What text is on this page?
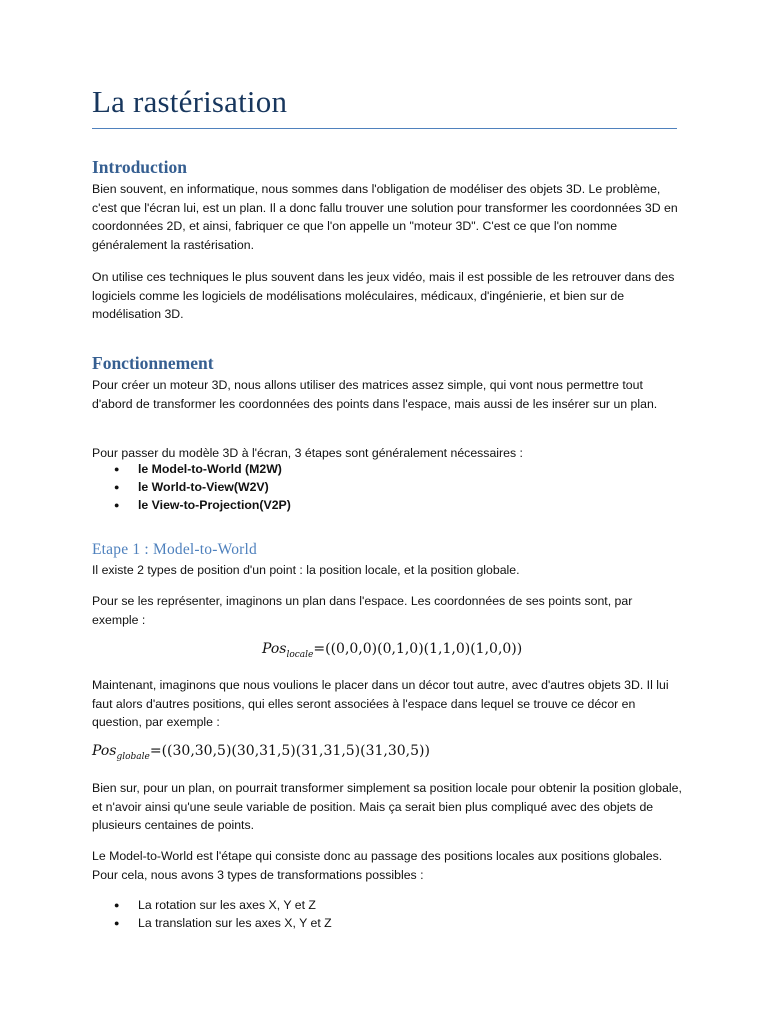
La rastérisation
Introduction

Bien souvent, en informatique, nous sommes dans l'obligation de modéliser des objets 3D. Le problème, c'est que l'écran lui, est un plan. Il a donc fallu trouver une solution pour transformer les coordonnées 3D en coordonnées 2D, et ainsi, fabriquer ce que l'on appelle un "moteur 3D". C'est ce que l'on nomme généralement la rastérisation.

On utilise ces techniques le plus souvent dans les jeux vidéo, mais il est possible de les retrouver dans des logiciels comme les logiciels de modélisations moléculaires, médicaux, d'ingénierie, et bien sur de modélisation 3D.

Fonctionnement

Pour créer un moteur 3D, nous allons utiliser des matrices assez simple, qui vont nous permettre tout d'abord de transformer les coordonnées des points dans l'espace, mais aussi de les insérer sur un plan.

Pour passer du modèle 3D à l'écran, 3 étapes sont généralement nécessaires :

● le Model-to-World (M2W)
● le World-to-View(W2V)
● le View-to-Projection(V2P)
Etape 1 : Model-to-World

Il existe 2 types de position d'un point : la position locale, et la position globale.

Pour se les représenter, imaginons un plan dans l'espace. Les coordonnées de ses points sont, par exemple :

Pos$_{locale}$=((0,0,0)(0,1,0)(1,1,0)(1,0,0))

Maintenant, imaginons que nous voulions le placer dans un décor tout autre, avec d'autres objets 3D. Il lui faut alors d'autres positions, qui elles seront associées à l'espace dans lequel se trouve ce décor en question, par exemple :

Pos$_{globale}$=((30,30,5)(30,31,5)(31,31,5)(31,30,5))

Bien sur, pour un plan, on pourrait transformer simplement sa position locale pour obtenir la position globale, et n'avoir ainsi qu'une seule variable de position. Mais ça serait bien plus compliqué avec des objets de plusieurs centaines de points.

Le Model-to-World est l'étape qui consiste donc au passage des positions locales aux positions globales. Pour cela, nous avons 3 types de transformations possibles :

● La rotation sur les axes X, Y et Z
● La translation sur les axes X, Y et Z
